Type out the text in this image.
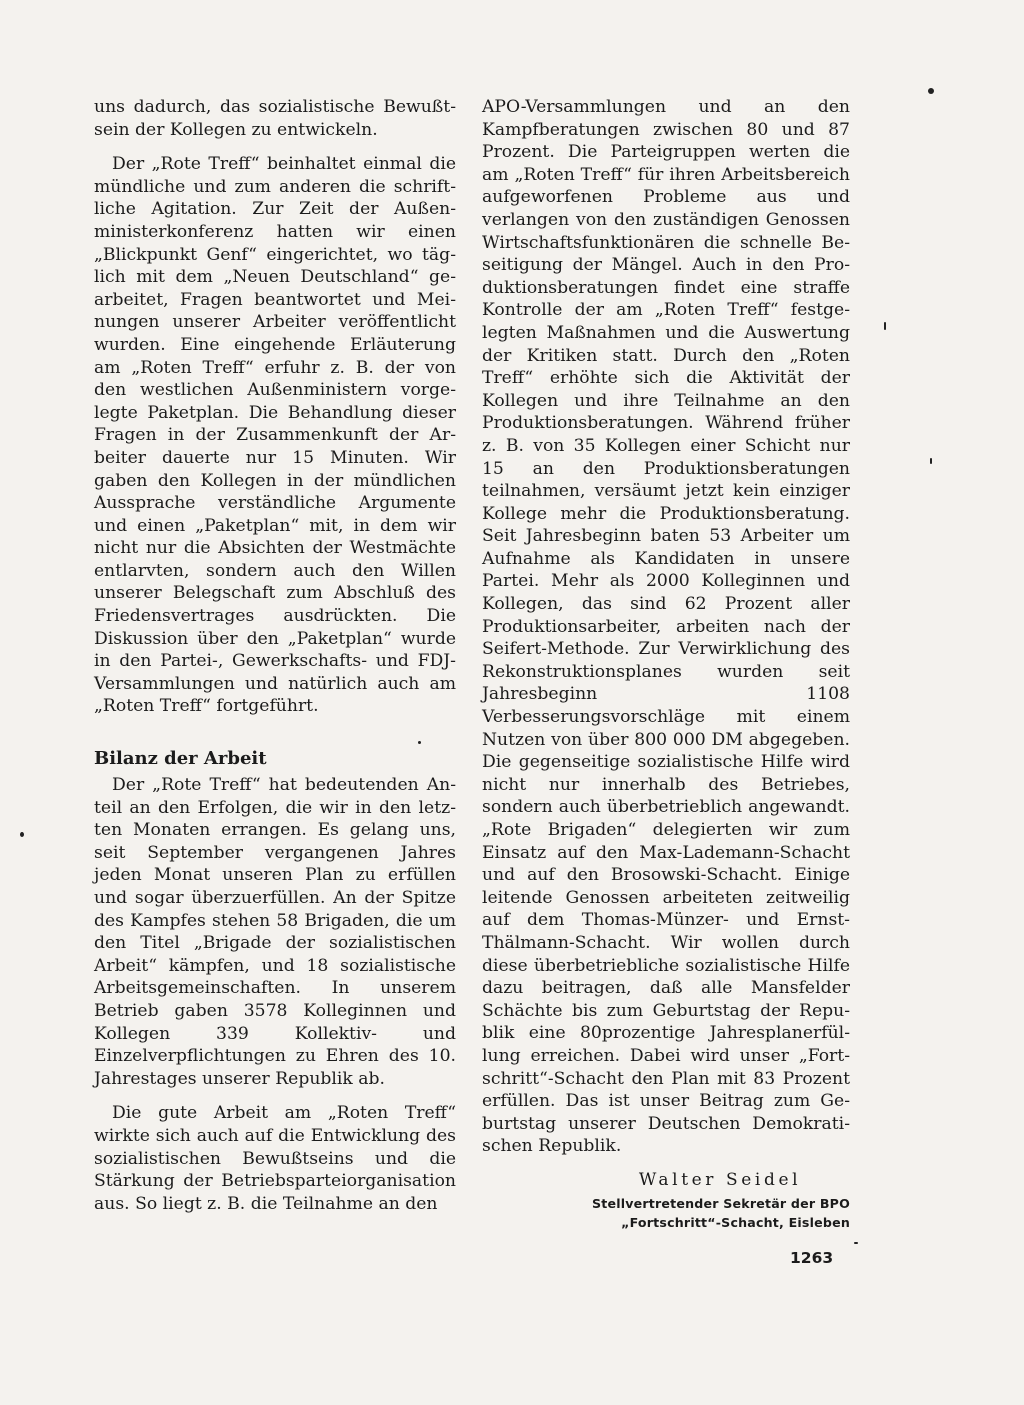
uns dadurch, das sozialistische Bewußtsein der Kollegen zu entwickeln.

Der „Rote Treff“ beinhaltet einmal die mündliche und zum anderen die schriftliche Agitation. Zur Zeit der Außenministerkonferenz hatten wir einen „Blickpunkt Genf“ eingerichtet, wo täglich mit dem „Neuen Deutschland“ gearbeitet, Fragen beantwortet und Meinungen unserer Arbeiter veröffentlicht wurden. Eine eingehende Erläuterung am „Roten Treff“ erfuhr z. B. der von den westlichen Außenministern vorgelegte Paketplan. Die Behandlung dieser Fragen in der Zusammenkunft der Arbeiter dauerte nur 15 Minuten. Wir gaben den Kollegen in der mündlichen Aussprache verständliche Argumente und einen „Paketplan“ mit, in dem wir nicht nur die Absichten der Westmächte entlarvten, sondern auch den Willen unserer Belegschaft zum Abschluß des Friedensvertrages ausdrückten. Die Diskussion über den „Paketplan“ wurde in den Partei-, Gewerkschafts- und FDJ-Versammlungen und natürlich auch am „Roten Treff“ fortgeführt.

Bilanz der Arbeit

Der „Rote Treff“ hat bedeutenden Anteil an den Erfolgen, die wir in den letzten Monaten errangen. Es gelang uns, seit September vergangenen Jahres jeden Monat unseren Plan zu erfüllen und sogar überzuerfüllen. An der Spitze des Kampfes stehen 58 Brigaden, die um den Titel „Brigade der sozialistischen Arbeit“ kämpfen, und 18 sozialistische Arbeitsgemeinschaften. In unserem Betrieb gaben 3578 Kolleginnen und Kollegen 339 Kollektiv- und Einzelverpflichtungen zu Ehren des 10. Jahrestages unserer Republik ab.

Die gute Arbeit am „Roten Treff“ wirkte sich auch auf die Entwicklung des sozialistischen Bewußtseins und die Stärkung der Betriebsparteiorganisation aus. So liegt z. B. die Teilnahme an den

APO-Versammlungen und an den Kampfberatungen zwischen 80 und 87 Prozent. Die Parteigruppen werten die am „Roten Treff“ für ihren Arbeitsbereich aufgeworfenen Probleme aus und verlangen von den zuständigen Genossen Wirtschaftsfunktionären die schnelle Beseitigung der Mängel. Auch in den Produktionsberatungen findet eine straffe Kontrolle der am „Roten Treff“ festgelegten Maßnahmen und die Auswertung der Kritiken statt. Durch den „Roten Treff“ erhöhte sich die Aktivität der Kollegen und ihre Teilnahme an den Produktionsberatungen. Während früher z. B. von 35 Kollegen einer Schicht nur 15 an den Produktionsberatungen teilnahmen, versäumt jetzt kein einziger Kollege mehr die Produktionsberatung. Seit Jahresbeginn baten 53 Arbeiter um Aufnahme als Kandidaten in unsere Partei. Mehr als 2000 Kolleginnen und Kollegen, das sind 62 Prozent aller Produktionsarbeiter, arbeiten nach der Seifert-Methode. Zur Verwirklichung des Rekonstruktionsplanes wurden seit Jahresbeginn 1108 Verbesserungsvorschläge mit einem Nutzen von über 800 000 DM abgegeben. Die gegenseitige sozialistische Hilfe wird nicht nur innerhalb des Betriebes, sondern auch überbetrieblich angewandt. „Rote Brigaden“ delegierten wir zum Einsatz auf den Max-Lademann-Schacht und auf den Brosowski-Schacht. Einige leitende Genossen arbeiteten zeitweilig auf dem Thomas-Münzer- und Ernst-Thälmann-Schacht. Wir wollen durch diese überbetriebliche sozialistische Hilfe dazu beitragen, daß alle Mansfelder Schächte bis zum Geburtstag der Republik eine 80prozentige Jahresplanerfüllung erreichen. Dabei wird unser „Fortschritt“-Schacht den Plan mit 83 Prozent erfüllen. Das ist unser Beitrag zum Geburtstag unserer Deutschen Demokratischen Republik.

Walter Seidel
Stellvertretender Sekretär der BPO
„Fortschritt“-Schacht, Eisleben
1263
